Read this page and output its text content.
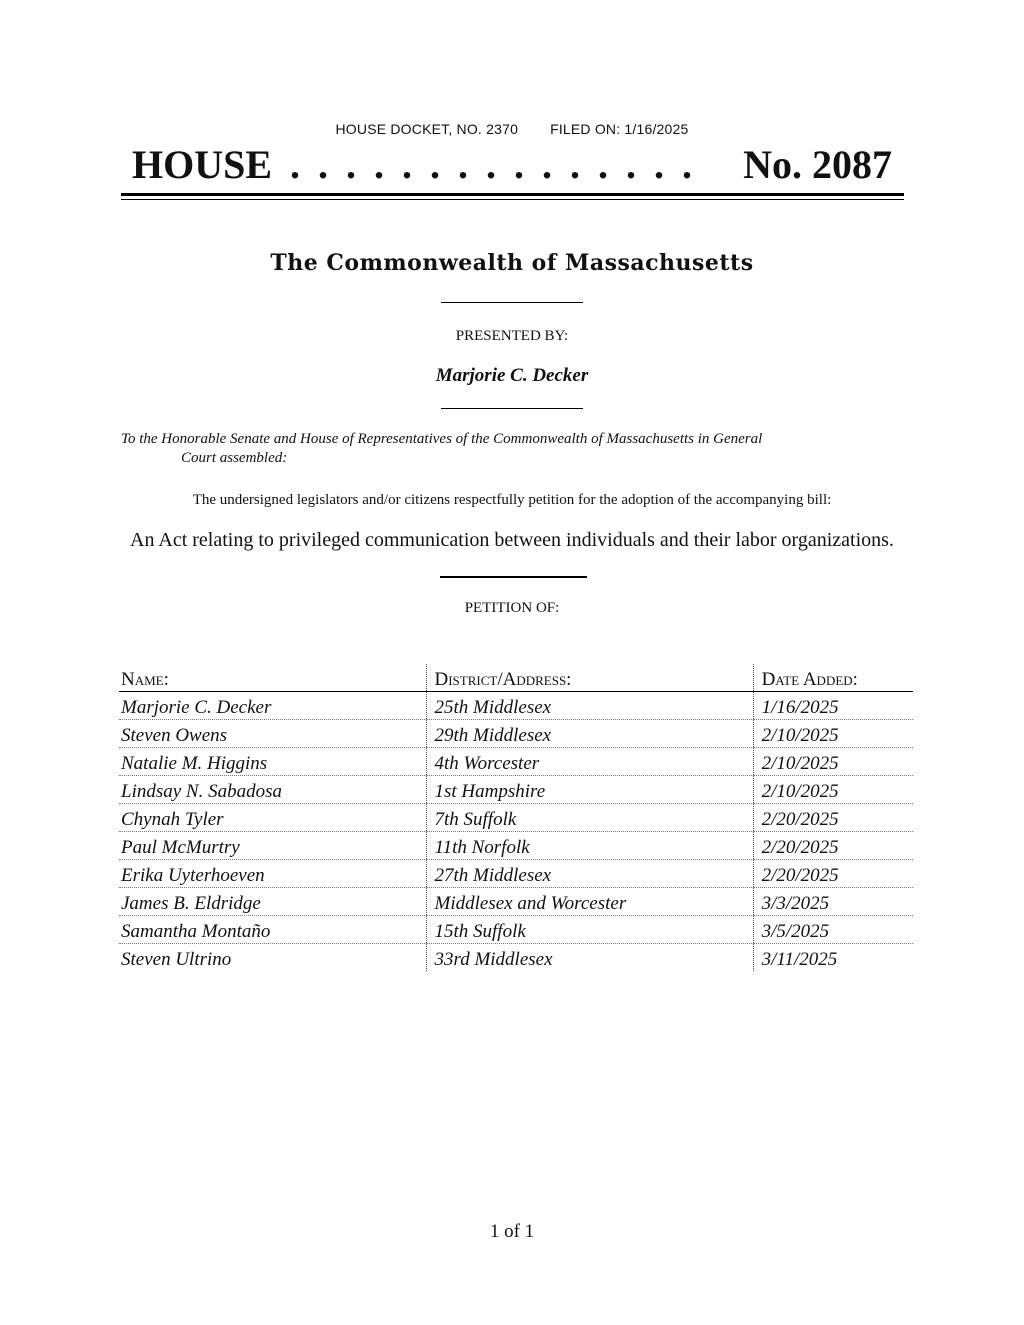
HOUSE DOCKET, NO. 2370 FILED ON: 1/16/2025
HOUSE . . . . . . . . . . . . . . . No. 2087
The Commonwealth of Massachusetts
PRESENTED BY:
Marjorie C. Decker
To the Honorable Senate and House of Representatives of the Commonwealth of Massachusetts in General
Court assembled:
The undersigned legislators and/or citizens respectfully petition for the adoption of the accompanying bill:
An Act relating to privileged communication between individuals and their labor organizations.
PETITION OF:
Name:	District/Address:	Date Added:
Marjorie C. Decker	25th Middlesex	1/16/2025
Steven Owens	29th Middlesex	2/10/2025
Natalie M. Higgins	4th Worcester	2/10/2025
Lindsay N. Sabadosa	1st Hampshire	2/10/2025
Chynah Tyler	7th Suffolk	2/20/2025
Paul McMurtry	11th Norfolk	2/20/2025
Erika Uyterhoeven	27th Middlesex	2/20/2025
James B. Eldridge	Middlesex and Worcester	3/3/2025
Samantha Montaño	15th Suffolk	3/5/2025
Steven Ultrino	33rd Middlesex	3/11/2025
1 of 1
